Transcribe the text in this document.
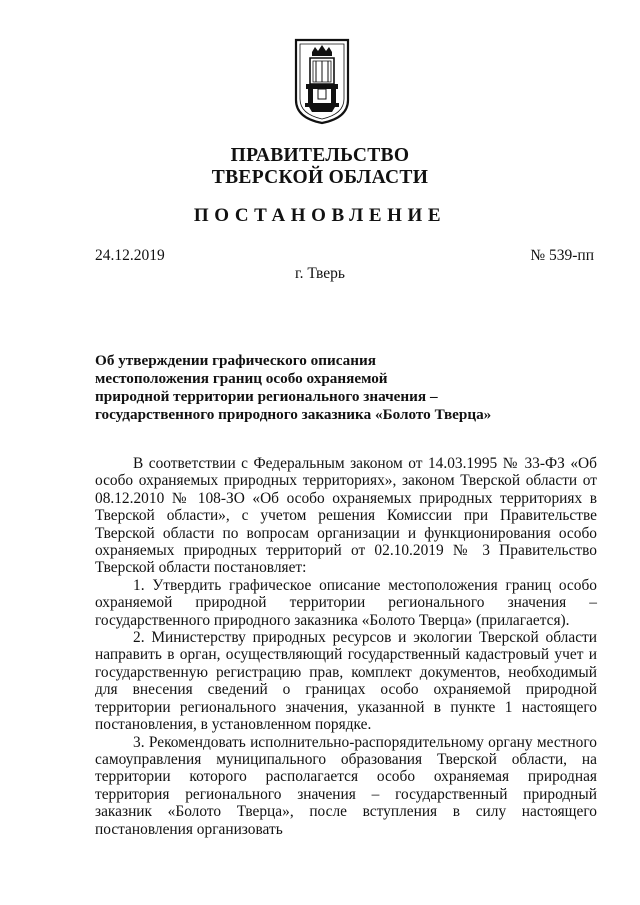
ПРАВИТЕЛЬСТВО
ТВЕРСКОЙ ОБЛАСТИ
ПОСТАНОВЛЕНИЕ
24.12.2019	№ 539-пп
г. Тверь
Об утверждении графического описания
местоположения границ особо охраняемой
природной территории регионального значения –
государственного природного заказника «Болото Тверца»

В соответствии с Федеральным законом от 14.03.1995 № 33-ФЗ «Об особо охраняемых природных территориях», законом Тверской области от 08.12.2010 № 108-ЗО «Об особо охраняемых природных территориях в Тверской области», с учетом решения Комиссии при Правительстве Тверской области по вопросам организации и функционирования особо охраняемых природных территорий от 02.10.2019 № 3 Правительство Тверской области постановляет:

1. Утвердить графическое описание местоположения границ особо охраняемой природной территории регионального значения – государственного природного заказника «Болото Тверца» (прилагается).

2. Министерству природных ресурсов и экологии Тверской области направить в орган, осуществляющий государственный кадастровый учет и государственную регистрацию прав, комплект документов, необходимый для внесения сведений о границах особо охраняемой природной территории регионального значения, указанной в пункте 1 настоящего постановления, в установленном порядке.

3. Рекомендовать исполнительно-распорядительному органу местного самоуправления муниципального образования Тверской области, на территории которого располагается особо охраняемая природная территория регионального значения – государственный природный заказник «Болото Тверца», после вступления в силу настоящего постановления организовать
